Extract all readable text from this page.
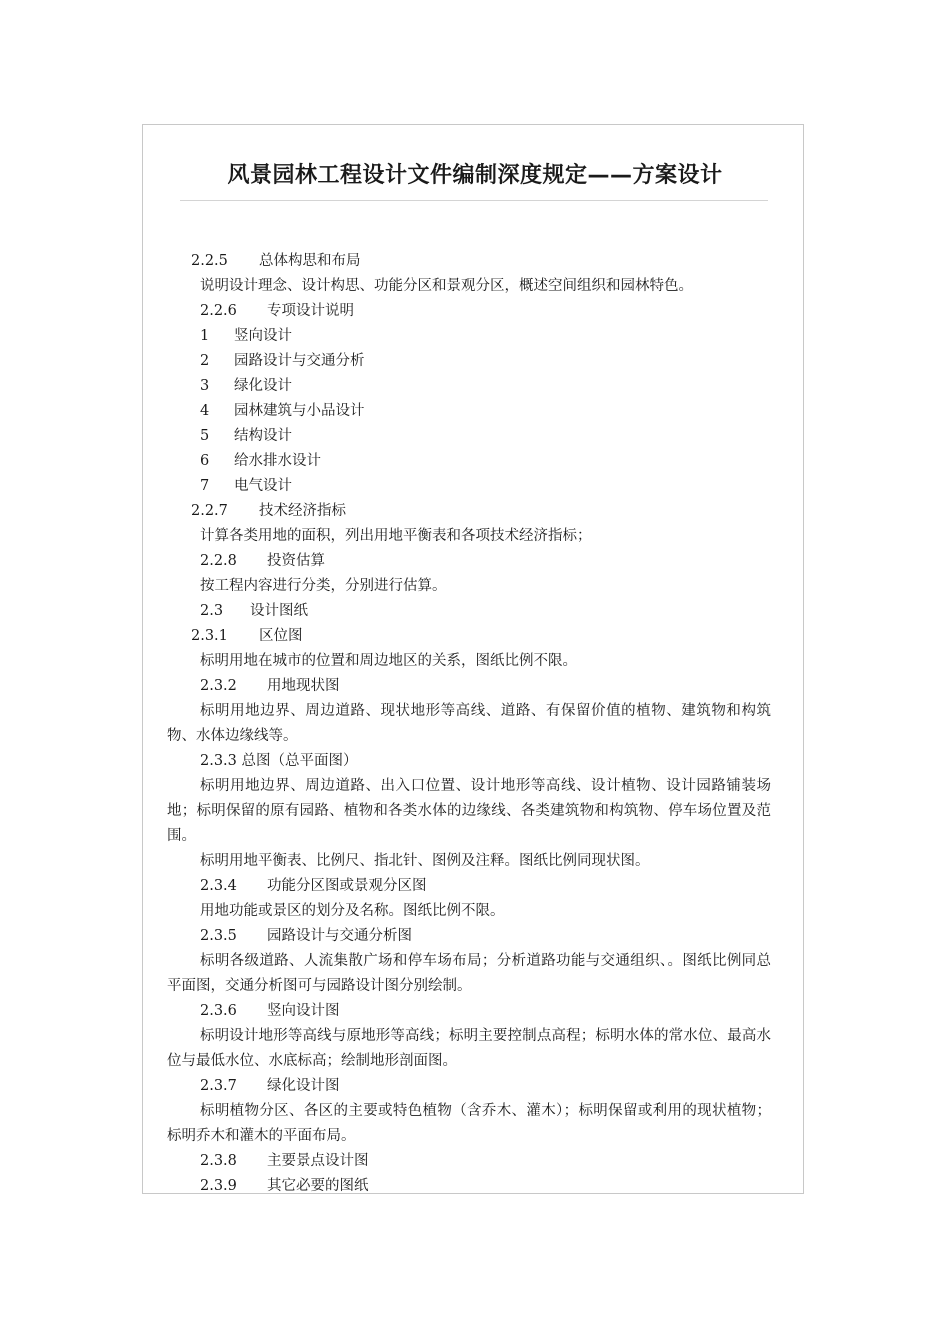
风景园林工程设计文件编制深度规定——方案设计
2.2.5 总体构思和布局
说明设计理念、设计构思、功能分区和景观分区，概述空间组织和园林特色。
2.2.6 专项设计说明
1 竖向设计
2 园路设计与交通分析
3 绿化设计
4 园林建筑与小品设计
5 结构设计
6 给水排水设计
7 电气设计
2.2.7 技术经济指标
计算各类用地的面积，列出用地平衡表和各项技术经济指标；
2.2.8 投资估算
按工程内容进行分类，分别进行估算。
2.3 设计图纸
2.3.1 区位图
标明用地在城市的位置和周边地区的关系，图纸比例不限。
2.3.2 用地现状图
标明用地边界、周边道路、现状地形等高线、道路、有保留价值的植物、建筑物和构筑物、水体边缘线等。
2.3.3 总图（总平面图）
标明用地边界、周边道路、出入口位置、设计地形等高线、设计植物、设计园路铺装场地；标明保留的原有园路、植物和各类水体的边缘线、各类建筑物和构筑物、停车场位置及范围。
标明用地平衡表、比例尺、指北针、图例及注释。图纸比例同现状图。
2.3.4 功能分区图或景观分区图
用地功能或景区的划分及名称。图纸比例不限。
2.3.5 园路设计与交通分析图
标明各级道路、人流集散广场和停车场布局；分析道路功能与交通组织、。图纸比例同总平面图，交通分析图可与园路设计图分别绘制。
2.3.6 竖向设计图
标明设计地形等高线与原地形等高线；标明主要控制点高程；标明水体的常水位、最高水位与最低水位、水底标高；绘制地形剖面图。
2.3.7 绿化设计图
标明植物分区、各区的主要或特色植物（含乔木、灌木）；标明保留或利用的现状植物；标明乔木和灌木的平面布局。
2.3.8 主要景点设计图
2.3.9 其它必要的图纸
